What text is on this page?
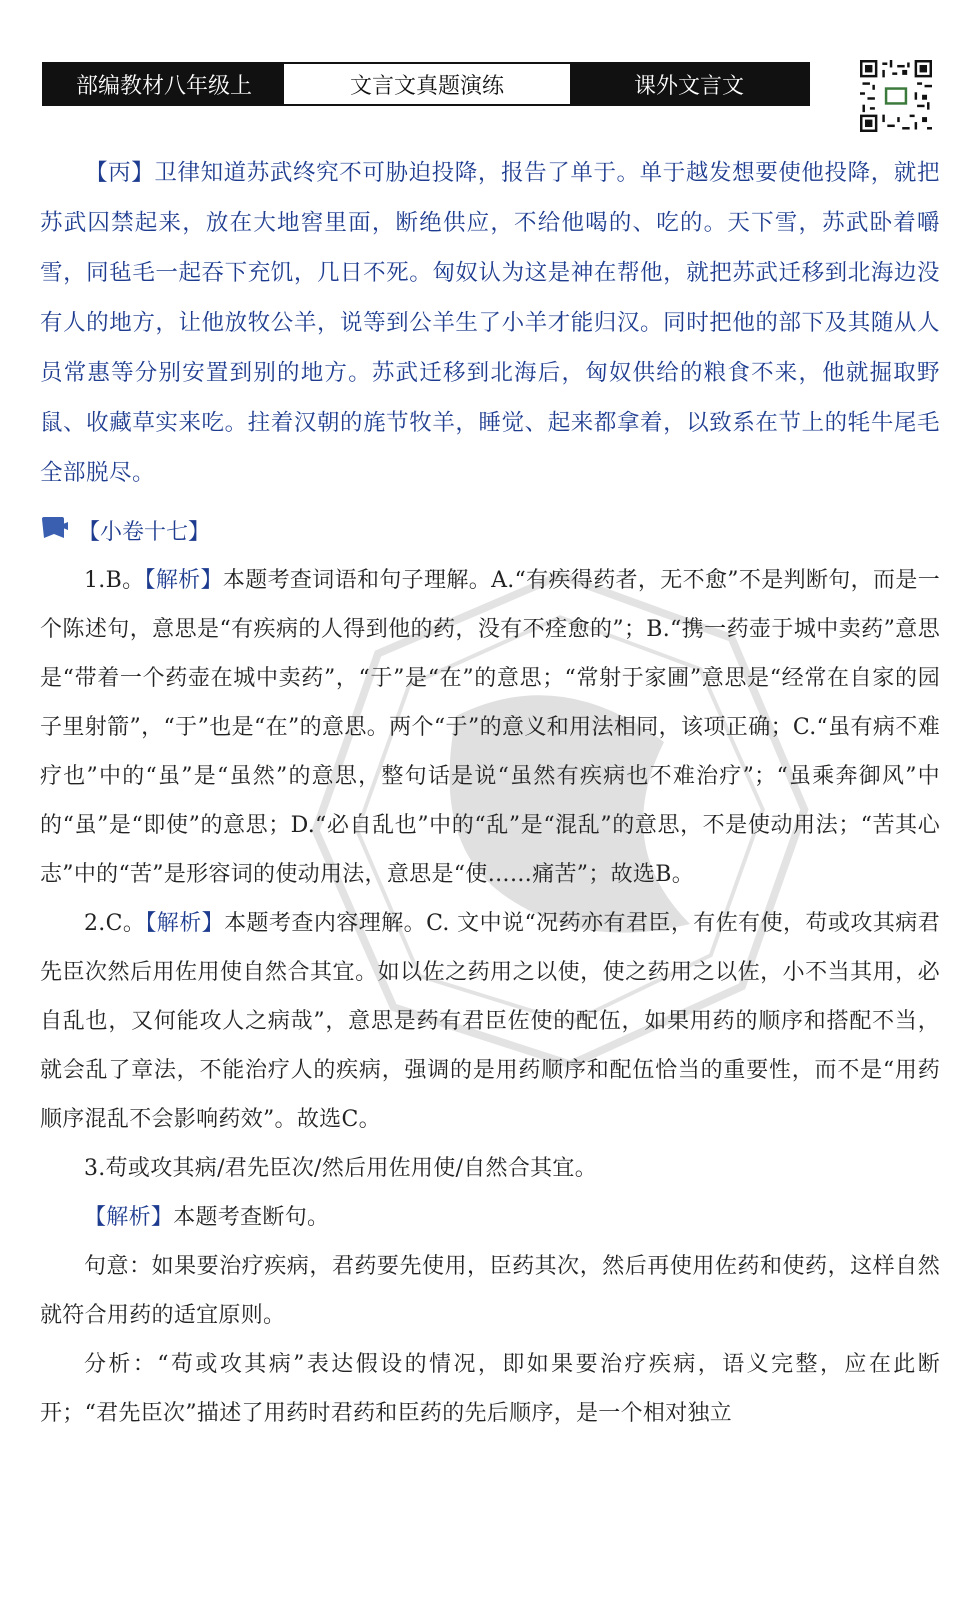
部编教材八年级上	文言文真题演练	课外文言文

【丙】卫律知道苏武终究不可胁迫投降，报告了单于。单于越发想要使他投降，就把苏武囚禁起来，放在大地窖里面，断绝供应，不给他喝的、吃的。天下雪，苏武卧着嚼雪，同毡毛一起吞下充饥，几日不死。匈奴认为这是神在帮他，就把苏武迁移到北海边没有人的地方，让他放牧公羊，说等到公羊生了小羊才能归汉。同时把他的部下及其随从人员常惠等分别安置到别的地方。苏武迁移到北海后，匈奴供给的粮食不来，他就掘取野鼠、收藏草实来吃。拄着汉朝的旄节牧羊，睡觉、起来都拿着，以致系在节上的牦牛尾毛全部脱尽。

【小卷十七】

1.B。【解析】本题考查词语和句子理解。A.“有疾得药者，无不愈”不是判断句，而是一个陈述句，意思是“有疾病的人得到他的药，没有不痊愈的”；B.“携一药壶于城中卖药”意思是“带着一个药壶在城中卖药”，“于”是“在”的意思；“常射于家圃”意思是“经常在自家的园子里射箭”，“于”也是“在”的意思。两个“于”的意义和用法相同，该项正确；C.“虽有病不难疗也”中的“虽”是“虽然”的意思，整句话是说“虽然有疾病也不难治疗”；“虽乘奔御风”中的“虽”是“即使”的意思；D.“必自乱也”中的“乱”是“混乱”的意思，不是使动用法；“苦其心志”中的“苦”是形容词的使动用法，意思是“使……痛苦”；故选B。

2.C。【解析】本题考查内容理解。C. 文中说“况药亦有君臣，有佐有使，苟或攻其病君先臣次然后用佐用使自然合其宜。如以佐之药用之以使，使之药用之以佐，小不当其用，必自乱也，又何能攻人之病哉”，意思是药有君臣佐使的配伍，如果用药的顺序和搭配不当，就会乱了章法，不能治疗人的疾病，强调的是用药顺序和配伍恰当的重要性，而不是“用药顺序混乱不会影响药效”。故选C。

3.苟或攻其病/君先臣次/然后用佐用使/自然合其宜。

【解析】本题考查断句。

句意：如果要治疗疾病，君药要先使用，臣药其次，然后再使用佐药和使药，这样自然就符合用药的适宜原则。

分析：“苟或攻其病”表达假设的情况，即如果要治疗疾病，语义完整，应在此断开；“君先臣次”描述了用药时君药和臣药的先后顺序，是一个相对独立
